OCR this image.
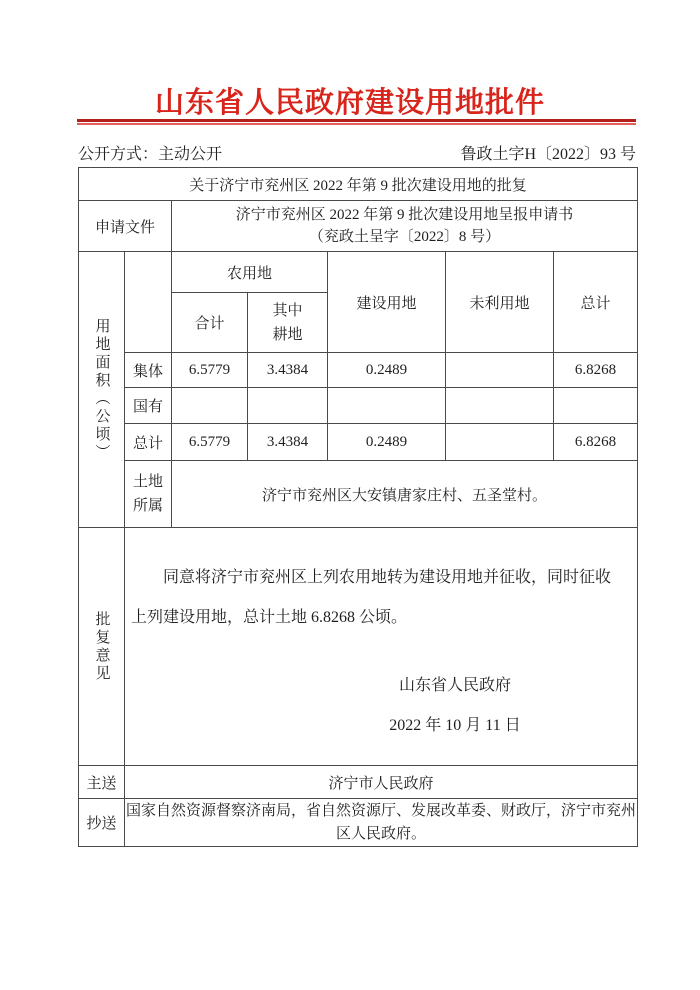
山东省人民政府建设用地批件
公开方式：主动公开	鲁政土字H〔2022〕93 号
关于济宁市兖州区 2022 年第 9 批次建设用地的批复						
申请文件		济宁市兖州区 2022 年第 9 批次建设用地呈报申请书
（兖政土呈字〔2022〕8 号）				

用地面积（公顷）		农用地		建设用地	未利用地	总计
		合计	其中耕地			
	集体	6.5779	3.4384	0.2489		6.8268
	国有					
	总计	6.5779	3.4384	0.2489		6.8268
	土地所属	济宁市兖州区大安镇唐家庄村、五圣堂村。				
批复意见	同意将济宁市兖州区上列农用地转为建设用地并征收，同时征收上列建设用地，总计土地 6.8268 公顷。
山东省人民政府
2022 年 10 月 11 日					

主送	济宁市人民政府					
抄送	国家自然资源督察济南局，省自然资源厅、发展改革委、财政厅，济宁市兖州区人民政府。					
